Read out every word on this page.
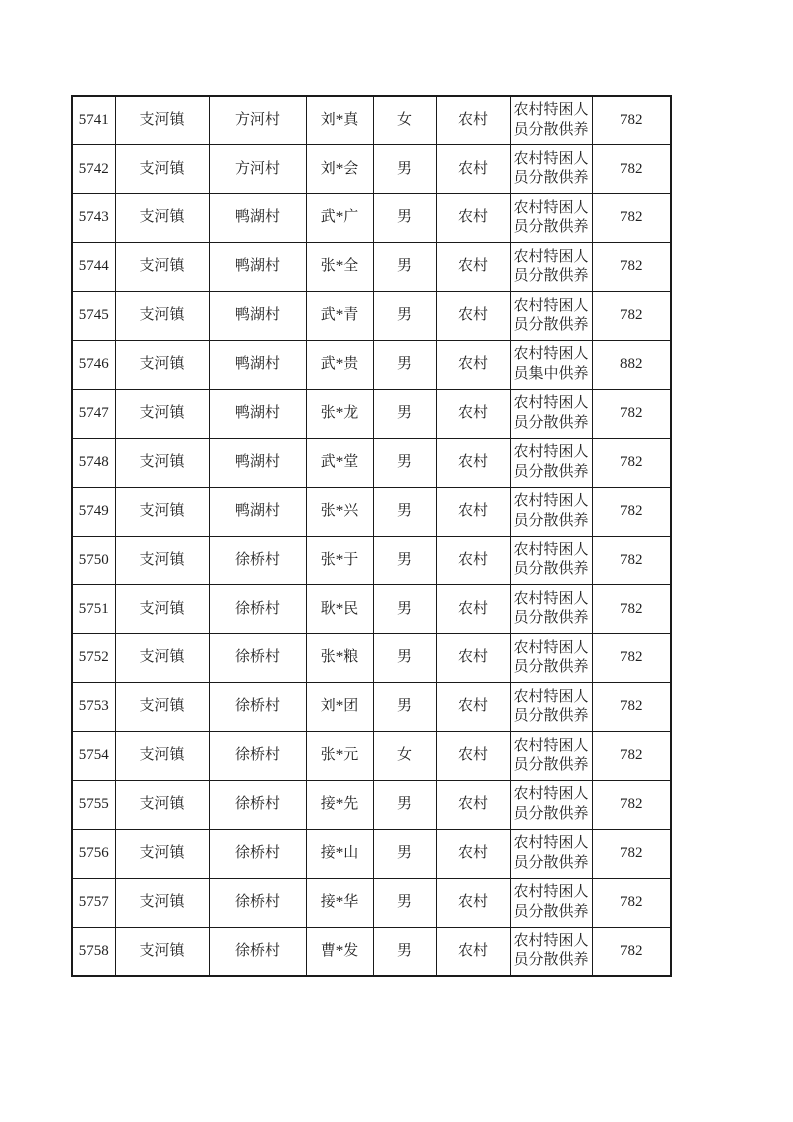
5741	支河镇	方河村	刘*真	女	农村	农村特困人员分散供养	782
5742	支河镇	方河村	刘*会	男	农村	农村特困人员分散供养	782
5743	支河镇	鸭湖村	武*广	男	农村	农村特困人员分散供养	782
5744	支河镇	鸭湖村	张*全	男	农村	农村特困人员分散供养	782
5745	支河镇	鸭湖村	武*青	男	农村	农村特困人员分散供养	782
5746	支河镇	鸭湖村	武*贵	男	农村	农村特困人员集中供养	882
5747	支河镇	鸭湖村	张*龙	男	农村	农村特困人员分散供养	782
5748	支河镇	鸭湖村	武*堂	男	农村	农村特困人员分散供养	782
5749	支河镇	鸭湖村	张*兴	男	农村	农村特困人员分散供养	782
5750	支河镇	徐桥村	张*于	男	农村	农村特困人员分散供养	782
5751	支河镇	徐桥村	耿*民	男	农村	农村特困人员分散供养	782
5752	支河镇	徐桥村	张*粮	男	农村	农村特困人员分散供养	782
5753	支河镇	徐桥村	刘*团	男	农村	农村特困人员分散供养	782
5754	支河镇	徐桥村	张*元	女	农村	农村特困人员分散供养	782
5755	支河镇	徐桥村	接*先	男	农村	农村特困人员分散供养	782
5756	支河镇	徐桥村	接*山	男	农村	农村特困人员分散供养	782
5757	支河镇	徐桥村	接*华	男	农村	农村特困人员分散供养	782
5758	支河镇	徐桥村	曹*发	男	农村	农村特困人员分散供养	782
